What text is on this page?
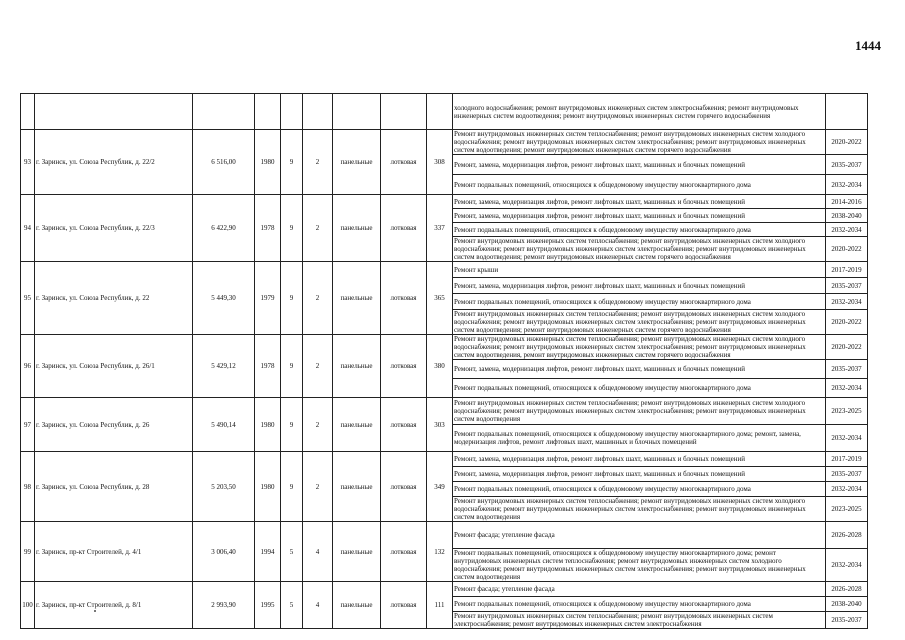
1444
									холодного водоснабжения; ремонт внутридомовых инженерных систем электроснабжения; ремонт внутридомовых инженерных систем водоотведения; ремонт внутридомовых инженерных систем горячего водоснабжения	
93	г. Заринск, ул. Союза Республик, д. 22/2	6 516,00	1980	9	2	панельные	лотковая	308	Ремонт внутридомовых инженерных систем теплоснабжения; ремонт внутридомовых инженерных систем холодного водоснабжения; ремонт внутридомовых инженерных систем электроснабжения; ремонт внутридомовых инженерных систем водоотведения; ремонт внутридомовых инженерных систем горячего водоснабжения	2020-2022
									Ремонт, замена, модернизация лифтов, ремонт лифтовых шахт, машинных и блочных помещений	2035-2037
									Ремонт подвальных помещений, относящихся к общедомовому имуществу многоквартирного дома	2032-2034
94	г. Заринск, ул. Союза Республик, д. 22/3	6 422,90	1978	9	2	панельные	лотковая	337	Ремонт, замена, модернизация лифтов, ремонт лифтовых шахт, машинных и блочных помещений	2014-2016
									Ремонт, замена, модернизация лифтов, ремонт лифтовых шахт, машинных и блочных помещений	2038-2040
									Ремонт подвальных помещений, относящихся к общедомовому имуществу многоквартирного дома	2032-2034
									Ремонт внутридомовых инженерных систем теплоснабжения; ремонт внутридомовых инженерных систем холодного водоснабжения; ремонт внутридомовых инженерных систем электроснабжения; ремонт внутридомовых инженерных систем водоотведения; ремонт внутридомовых инженерных систем горячего водоснабжения	2020-2022
95	г. Заринск, ул. Союза Республик, д. 22	5 449,30	1979	9	2	панельные	лотковая	365	Ремонт крыши	2017-2019
									Ремонт, замена, модернизация лифтов, ремонт лифтовых шахт, машинных и блочных помещений	2035-2037
									Ремонт подвальных помещений, относящихся к общедомовому имуществу многоквартирного дома	2032-2034
									Ремонт внутридомовых инженерных систем теплоснабжения; ремонт внутридомовых инженерных систем холодного водоснабжения; ремонт внутридомовых инженерных систем электроснабжения; ремонт внутридомовых инженерных систем водоотведения; ремонт внутридомовых инженерных систем горячего водоснабжения	2020-2022
96	г. Заринск, ул. Союза Республик, д. 26/1	5 429,12	1978	9	2	панельные	лотковая	380	Ремонт внутридомовых инженерных систем теплоснабжения; ремонт внутридомовых инженерных систем холодного водоснабжения; ремонт внутридомовых инженерных систем электроснабжения; ремонт внутридомовых инженерных систем водоотведения, ремонт внутридомовых инженерных систем горячего водоснабжения	2020-2022
									Ремонт, замена, модернизация лифтов, ремонт лифтовых шахт, машинных и блочных помещений	2035-2037
									Ремонт подвальных помещений, относящихся к общедомовому имуществу многоквартирного дома	2032-2034
97	г. Заринск, ул. Союза Республик, д. 26	5 490,14	1980	9	2	панельные	лотковая	303	Ремонт внутридомовых инженерных систем теплоснабжения; ремонт внутридомовых инженерных систем холодного водоснабжения; ремонт внутридомовых инженерных систем электроснабжения; ремонт внутридомовых инженерных систем водоотведения	2023-2025
									Ремонт подвальных помещений, относящихся к общедомовому имуществу многоквартирного дома; ремонт, замена, модернизация лифтов, ремонт лифтовых шахт, машинных и блочных помещений	2032-2034
98	г. Заринск, ул. Союза Республик, д. 28	5 203,50	1980	9	2	панельные	лотковая	349	Ремонт, замена, модернизация лифтов, ремонт лифтовых шахт, машинных и блочных помещений	2017-2019
									Ремонт, замена, модернизация лифтов, ремонт лифтовых шахт, машинных и блочных помещений	2035-2037
									Ремонт подвальных помещений, относящихся к общедомовому имуществу многоквартирного дома	2032-2034
									Ремонт внутридомовых инженерных систем теплоснабжения; ремонт внутридомовых инженерных систем холодного водоснабжения; ремонт внутридомовых инженерных систем электроснабжения; ремонт внутридомовых инженерных систем водоотведения	2023-2025
99	г. Заринск, пр-кт Строителей, д. 4/1	3 006,40	1994	5	4	панельные	лотковая	132	Ремонт фасада; утепление фасада	2026-2028
									Ремонт подвальных помещений, относящихся к общедомовому имуществу многоквартирного дома; ремонт внутридомовых инженерных систем теплоснабжения; ремонт внутридомовых инженерных систем холодного водоснабжения; ремонт внутридомовых инженерных систем электроснабжения; ремонт внутридомовых инженерных систем водоотведения	2032-2034
100	г. Заринск, пр-кт Строителей, д. 8/1	2 993,90	1995	5	4	панельные	лотковая	111	Ремонт фасада; утепление фасада	2026-2028
									Ремонт подвальных помещений, относящихся к общедомовому имуществу многоквартирного дома	2038-2040
									Ремонт внутридомовых инженерных систем теплоснабжения; ремонт внутридомовых инженерных систем электроснабжения; ремонт внутридомовых инженерных систем электроснабжения	2035-2037
